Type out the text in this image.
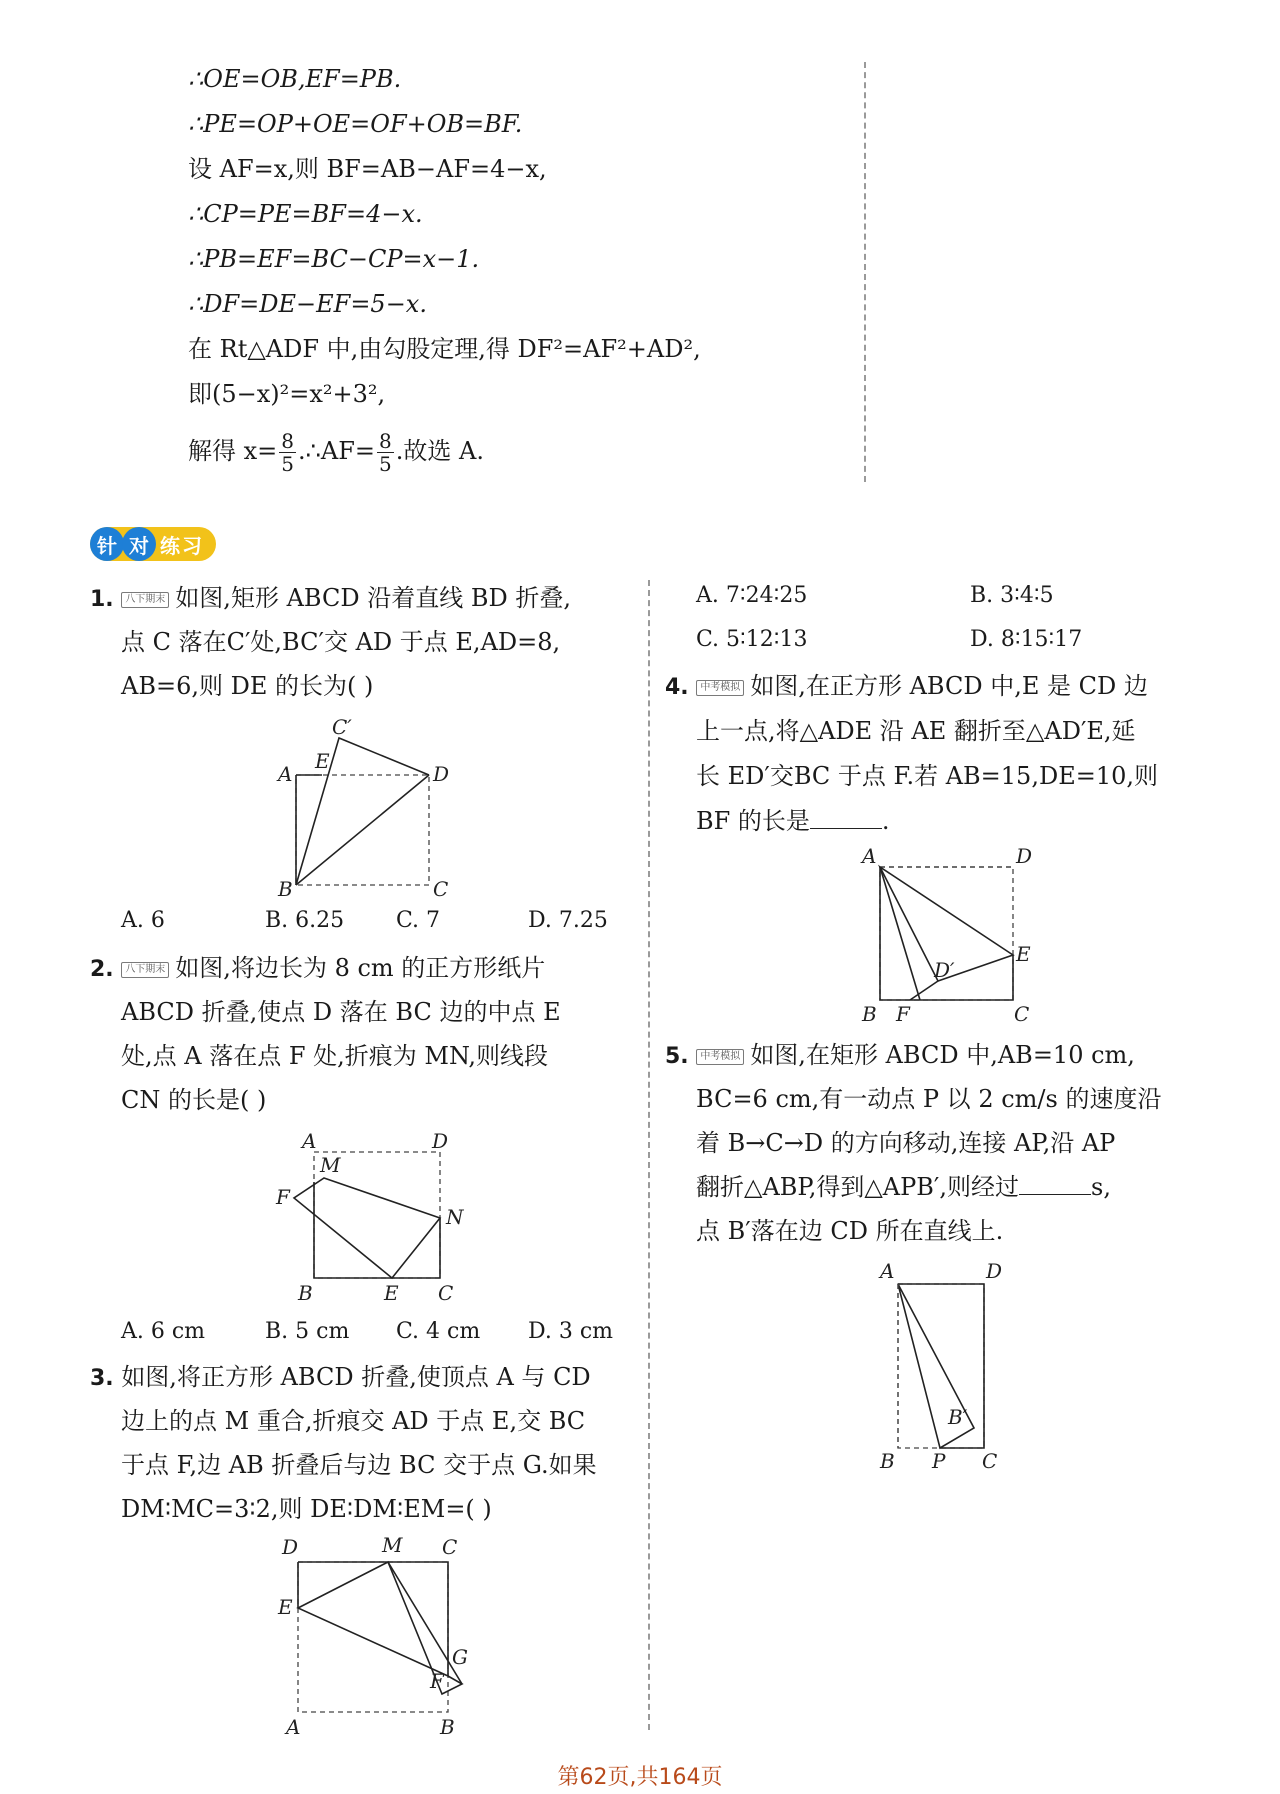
∴OE=OB,EF=PB.
∴PE=OP+OE=OF+OB=BF.
设 AF=x,则 BF=AB−AF=4−x,
∴CP=PE=BF=4−x.
∴PB=EF=BC−CP=x−1.
∴DF=DE−EF=5−x.
在 Rt△ADF 中,由勾股定理,得 DF²=AF²+AD²,
即(5−x)²=x²+3²,
解得 $x= \frac{8}{5}$ .∴AF= $\frac{8}{5}$ .故选 A.
针 对 练习
1. 八下期末 如图,矩形 ABCD 沿着直线 BD 折叠,
点 C 落在C′处,BC′交 AD 于点 E,AD=8,
AB=6,则 DE 的长为( )
C′
E
A	D
B	C
A. 6	B. 6.25 C. 7	D. 7.25
2. 八下期末 如图,将边长为 8 cm 的正方形纸片
ABCD 折叠,使点 D 落在 BC 边的中点 E
处,点 A 落在点 F 处,折痕为 MN,则线段
CN 的长是( )
A	D
M
F
N
B	E C
A. 6 cm	B. 5 cm C. 4 cm D. 3 cm
3. 如图,将正方形 ABCD 折叠,使顶点 A 与 CD
边上的点 M 重合,折痕交 AD 于点 E,交 BC
于点 F,边 AB 折叠后与边 BC 交于点 G.如果
DM∶MC=3∶2,则 DE∶DM∶EM=( )
D	M C
E
G
F
A	B
A. 7∶24∶25	B. 3∶4∶5
C. 5∶12∶13	D. 8∶15∶17
4. 中考模拟 如图,在正方形 ABCD 中,E 是 CD 边
上一点,将△ADE 沿 AE 翻折至△AD′E,延
长 ED′交BC 于点 F.若 AB=15,DE=10,则
BF 的长是	.
A	D
E
D′
B F	C
5. 中考模拟 如图,在矩形 ABCD 中,AB=10 cm,
BC=6 cm,有一动点 P 以 2 cm/s 的速度沿
着 B→C→D 的方向移动,连接 AP,沿 AP
翻折△ABP,得到△APB′,则经过	s,
点 B′落在边 CD 所在直线上.
A	D
B′
B P C
第62页,共164页
